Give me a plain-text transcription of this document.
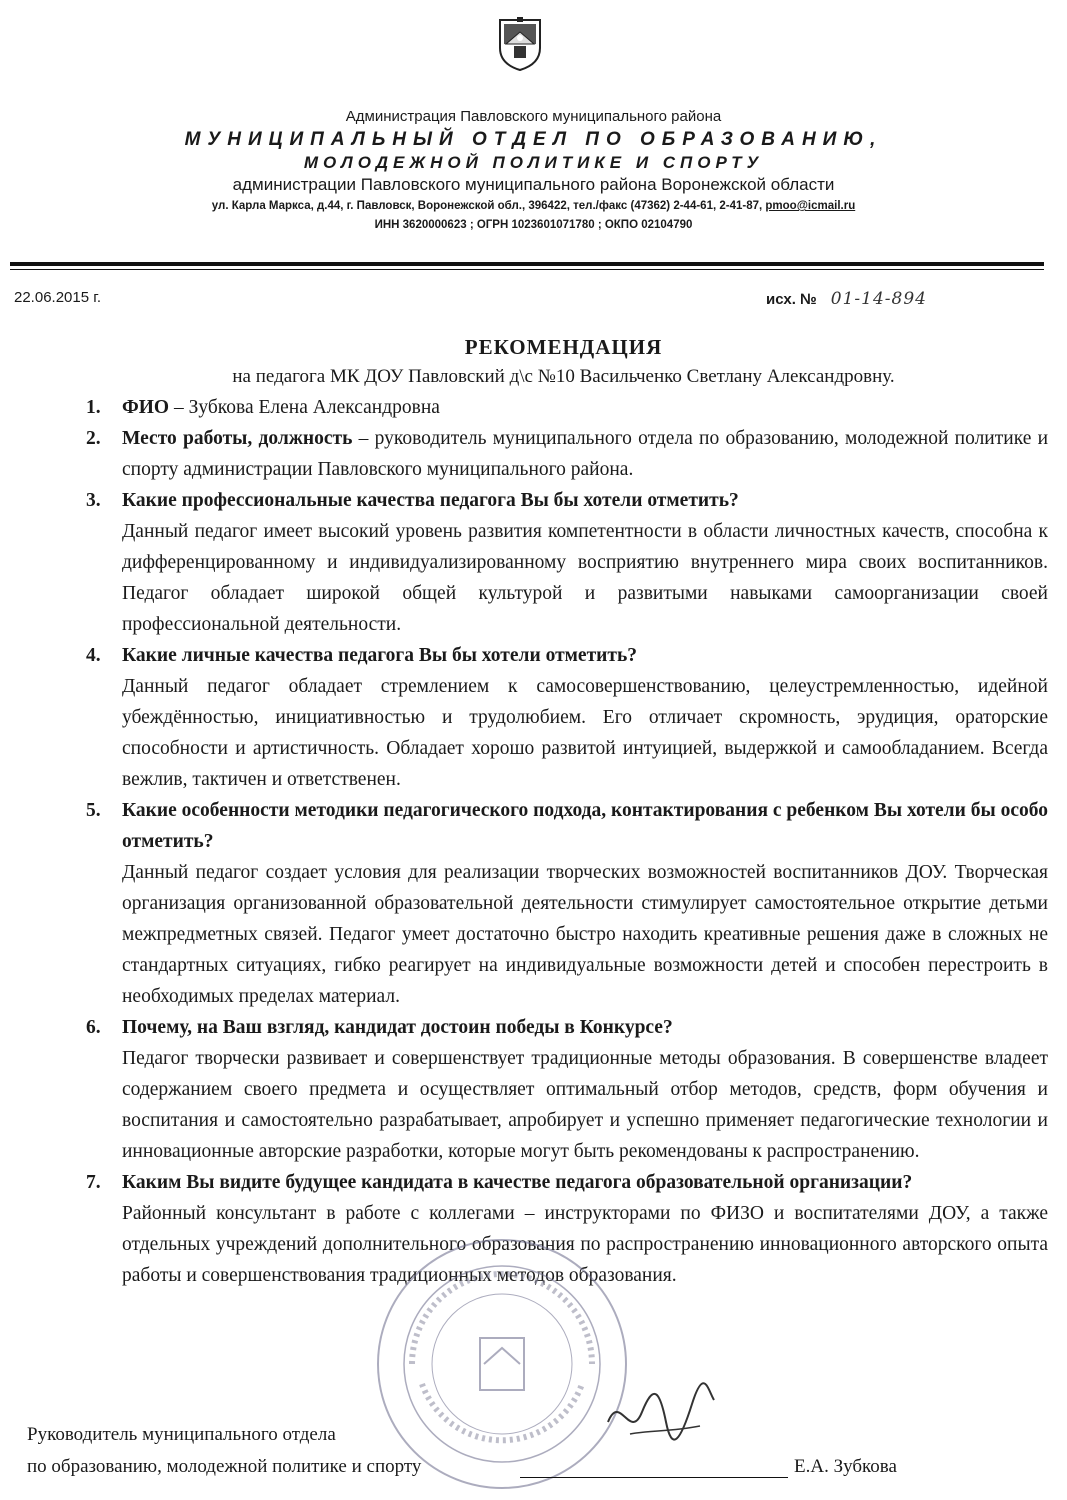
Администрация Павловского муниципального района
МУНИЦИПАЛЬНЫЙ ОТДЕЛ ПО ОБРАЗОВАНИЮ,
МОЛОДЕЖНОЙ ПОЛИТИКЕ И СПОРТУ
администрации Павловского муниципального района Воронежской области
ул. Карла Маркса, д.44, г. Павловск, Воронежской обл., 396422, тел./факс (47362) 2-44-61, 2-41-87, pmoo@icmail.ru
ИНН 3620000623 ; ОГРН 1023601071780 ; ОКПО 02104790
22.06.2015 г.	исх. № 01-14-894
РЕКОМЕНДАЦИЯ
на педагога МК ДОУ Павловский д\с №10 Васильченко Светлану Александровну.
1. ФИО – Зубкова Елена Александровна
2. Место работы, должность – руководитель муниципального отдела по образованию, молодежной политике и спорту администрации Павловского муниципального района.
3. Какие профессиональные качества педагога Вы бы хотели отметить?
Данный педагог имеет высокий уровень развития компетентности в области личностных качеств, способна к дифференцированному и индивидуализированному восприятию внутреннего мира своих воспитанников. Педагог обладает широкой общей культурой и развитыми навыками самоорганизации своей профессиональной деятельности.
4. Какие личные качества педагога Вы бы хотели отметить?
Данный педагог обладает стремлением к самосовершенствованию, целеустремленностью, идейной убеждённостью, инициативностью и трудолюбием. Его отличает скромность, эрудиция, ораторские способности и артистичность. Обладает хорошо развитой интуицией, выдержкой и самообладанием. Всегда вежлив, тактичен и ответственен.
5. Какие особенности методики педагогического подхода, контактирования с ребенком Вы хотели бы особо отметить?
Данный педагог создает условия для реализации творческих возможностей воспитанников ДОУ. Творческая организация организованной образовательной деятельности стимулирует самостоятельное открытие детьми межпредметных связей. Педагог умеет достаточно быстро находить креативные решения даже в сложных не стандартных ситуациях, гибко реагирует на индивидуальные возможности детей и способен перестроить в необходимых пределах материал.
6. Почему, на Ваш взгляд, кандидат достоин победы в Конкурсе?
Педагог творчески развивает и совершенствует традиционные методы образования. В совершенстве владеет содержанием своего предмета и осуществляет оптимальный отбор методов, средств, форм обучения и воспитания и самостоятельно разрабатывает, апробирует и успешно применяет педагогические технологии и инновационные авторские разработки, которые могут быть рекомендованы к распространению.
7. Каким Вы видите будущее кандидата в качестве педагога образовательной организации?
Районный консультант в работе с коллегами – инструкторами по ФИЗО и воспитателями ДОУ, а также отдельных учреждений дополнительного образования по распространению инновационного авторского опыта работы и совершенствования традиционных методов образования.
Руководитель муниципального отдела
по образованию, молодежной политике и спорту	Е.А. Зубкова
